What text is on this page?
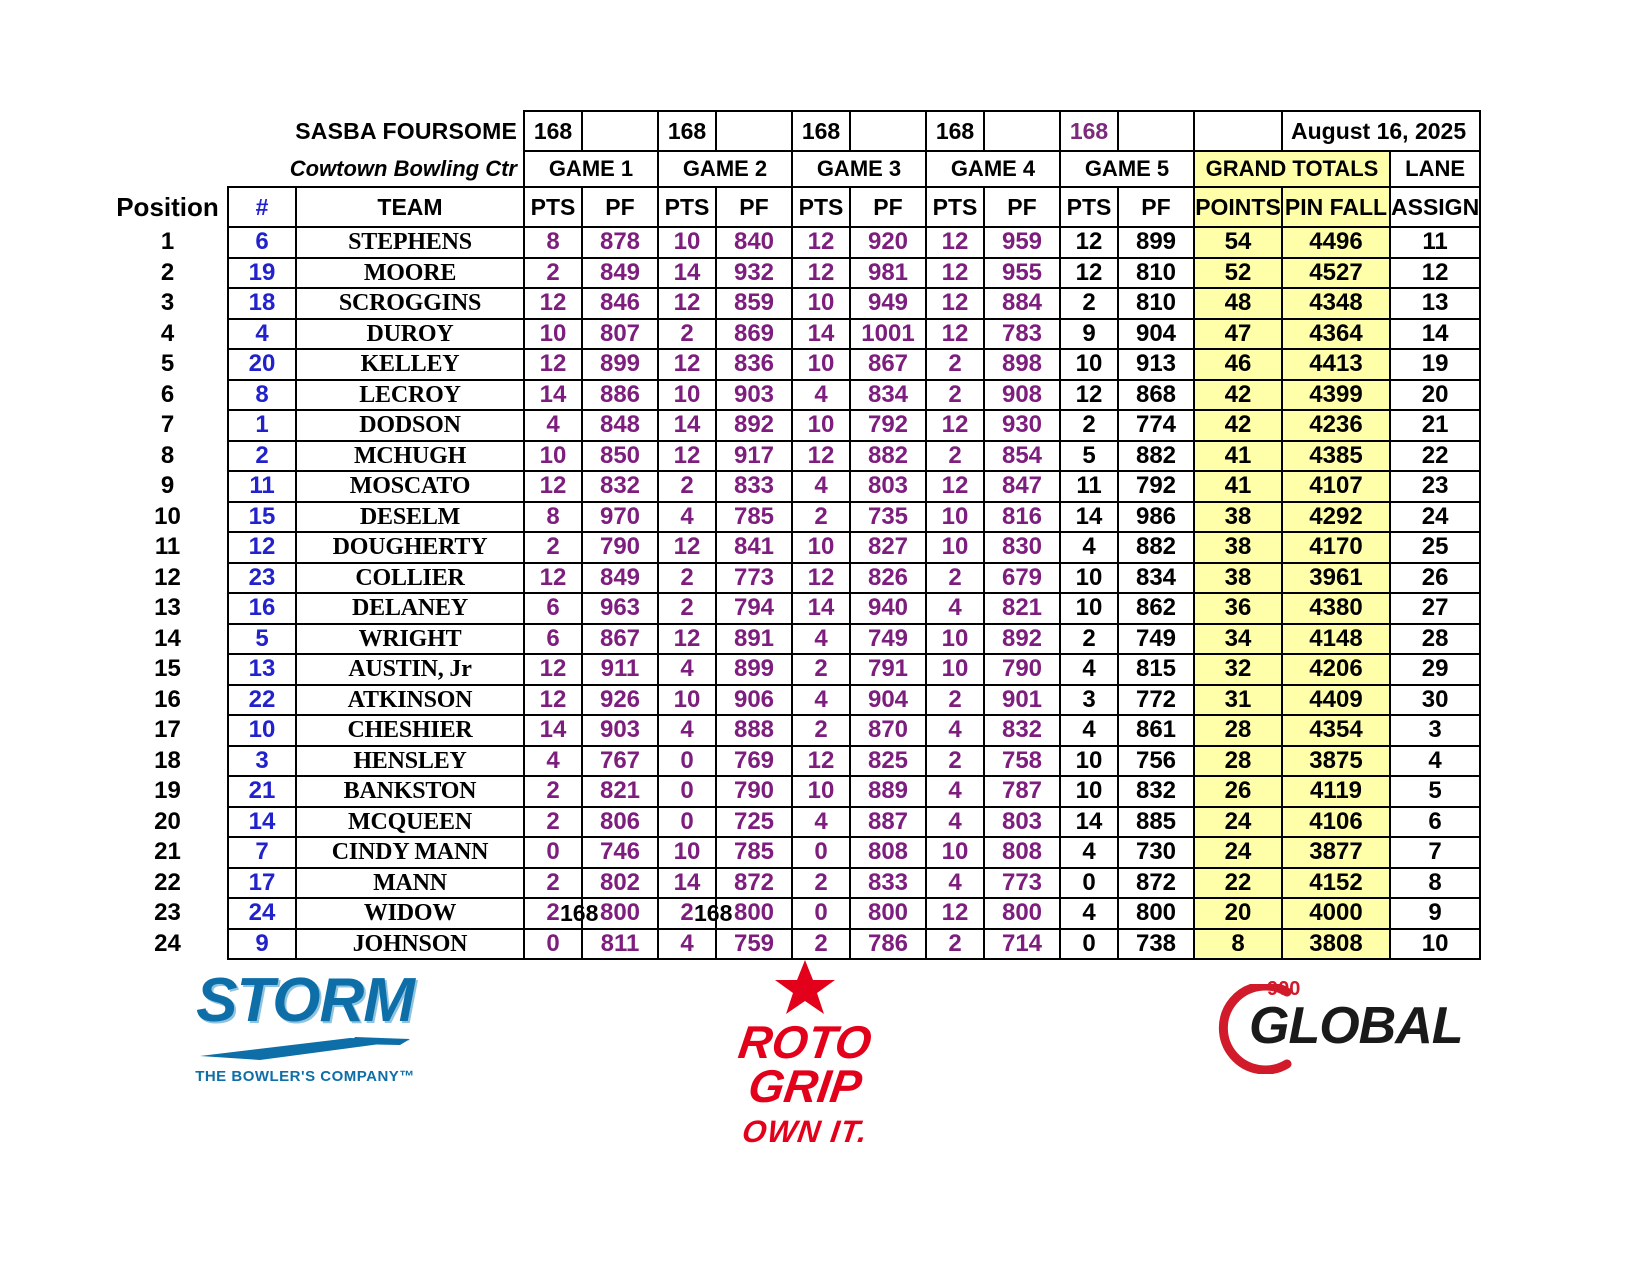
	SASBA FOURSOME		168		168		168		168		168			August 16, 2025	

	Cowtown Bowling Ctr		GAME 1		GAME 2		GAME 3		GAME 4		GAME 5		GRAND TOTALS		LANE
Position	#	TEAM	PTS	PF	PTS	PF	PTS	PF	PTS	PF	PTS	PF	POINTS	PIN FALL	ASSIGN
1	6	STEPHENS	8	878	10	840	12	920	12	959	12	899	54	4496	11
2	19	MOORE	2	849	14	932	12	981	12	955	12	810	52	4527	12
3	18	SCROGGINS	12	846	12	859	10	949	12	884	2	810	48	4348	13
4	4	DUROY	10	807	2	869	14	1001	12	783	9	904	47	4364	14
5	20	KELLEY	12	899	12	836	10	867	2	898	10	913	46	4413	19
6	8	LECROY	14	886	10	903	4	834	2	908	12	868	42	4399	20
7	1	DODSON	4	848	14	892	10	792	12	930	2	774	42	4236	21
8	2	MCHUGH	10	850	12	917	12	882	2	854	5	882	41	4385	22
9	11	MOSCATO	12	832	2	833	4	803	12	847	11	792	41	4107	23
10	15	DESELM	8	970	4	785	2	735	10	816	14	986	38	4292	24
11	12	DOUGHERTY	2	790	12	841	10	827	10	830	4	882	38	4170	25
12	23	COLLIER	12	849	2	773	12	826	2	679	10	834	38	3961	26
13	16	DELANEY	6	963	2	794	14	940	4	821	10	862	36	4380	27
14	5	WRIGHT	6	867	12	891	4	749	10	892	2	749	34	4148	28
15	13	AUSTIN, Jr	12	911	4	899	2	791	10	790	4	815	32	4206	29
16	22	ATKINSON	12	926	10	906	4	904	2	901	3	772	31	4409	30
17	10	CHESHIER	14	903	4	888	2	870	4	832	4	861	28	4354	3
18	3	HENSLEY	4	767	0	769	12	825	2	758	10	756	28	3875	4
19	21	BANKSTON	2	821	0	790	10	889	4	787	10	832	26	4119	5
20	14	MCQUEEN	2	806	0	725	4	887	4	803	14	885	24	4106	6
21	7	CINDY MANN	0	746	10	785	0	808	10	808	4	730	24	3877	7
22	17	MANN	2	802	14	872	2	833	4	773	0	872	22	4152	8
23	24	WIDOW	2	800	2	800	0	800	12	800	4	800	20	4000	9
24	9	JOHNSON	0	811	4	759	2	786	2	714	0	738	8	3808	10
168	168
STORM
THE BOWLER'S COMPANY™
ROTO
GRIP
OWN IT.
900
GLOBAL
